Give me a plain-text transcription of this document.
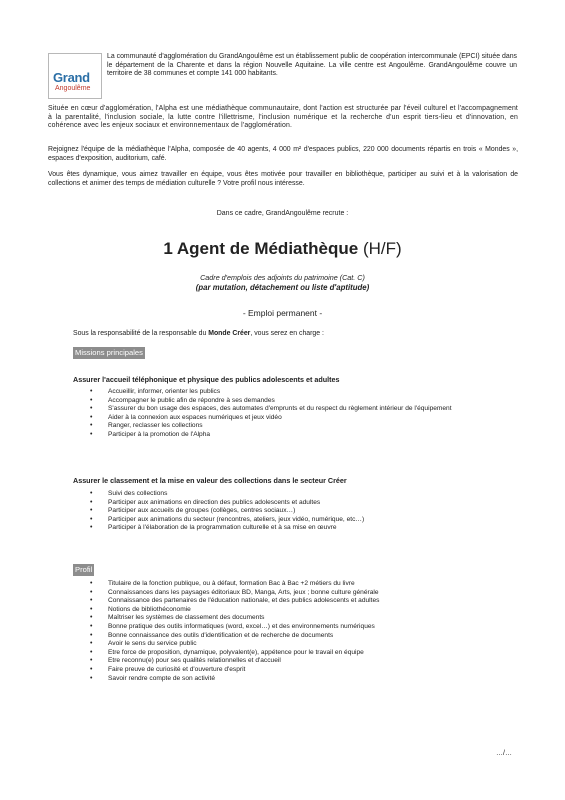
Grand
Angoulême
La communauté d'agglomération du GrandAngoulême est un établissement public de coopération intercommunale (EPCI) située dans le département de la Charente et dans la région Nouvelle Aquitaine. La ville centre est Angoulême. GrandAngoulême couvre un territoire de 38 communes et compte 141 000 habitants.
Située en cœur d'agglomération, l'Alpha est une médiathèque communautaire, dont l'action est structurée par l'éveil culturel et l'accompagnement à la parentalité, l'inclusion sociale, la lutte contre l'illettrisme, l'inclusion numérique et la recherche d'un esprit tiers-lieu et d'innovation, en cohérence avec les enjeux sociaux et environnementaux de l'agglomération.
Rejoignez l'équipe de la médiathèque l'Alpha, composée de 40 agents, 4 000 m² d'espaces publics, 220 000 documents répartis en trois « Mondes », espaces d'exposition, auditorium, café.
Vous êtes dynamique, vous aimez travailler en équipe, vous êtes motivée pour travailler en bibliothèque, participer au suivi et à la valorisation de collections et animer des temps de médiation culturelle ? Votre profil nous intéresse.
Dans ce cadre, GrandAngoulême recrute :
1 Agent de Médiathèque (H/F)
Cadre d'emplois des adjoints du patrimoine (Cat. C)
(par mutation, détachement ou liste d'aptitude)
- Emploi permanent -
Sous la responsabilité de la responsable du Monde Créer, vous serez en charge :
Missions principales
Assurer l'accueil téléphonique et physique des publics adolescents et adultes
• Accueillir, informer, orienter les publics
• Accompagner le public afin de répondre à ses demandes
• S'assurer du bon usage des espaces, des automates d'emprunts et du respect du règlement intérieur de l'équipement
• Aider à la connexion aux espaces numériques et jeux vidéo
• Ranger, reclasser les collections
• Participer à la promotion de l'Alpha
Assurer le classement et la mise en valeur des collections dans le secteur Créer
• Suivi des collections
• Participer aux animations en direction des publics adolescents et adultes
• Participer aux accueils de groupes (collèges, centres sociaux…)
• Participer aux animations du secteur (rencontres, ateliers, jeux vidéo, numérique, etc…)
• Participer à l'élaboration de la programmation culturelle et à sa mise en œuvre
Profil
• Titulaire de la fonction publique, ou à défaut, formation Bac à Bac +2 métiers du livre
• Connaissances dans les paysages éditoriaux BD, Manga, Arts, jeux ; bonne culture générale
• Connaissance des partenaires de l'éducation nationale, et des publics adolescents et adultes
• Notions de bibliothéconomie
• Maîtriser les systèmes de classement des documents
• Bonne pratique des outils informatiques (word, excel…) et des environnements numériques
• Bonne connaissance des outils d'identification et de recherche de documents
• Avoir le sens du service public
• Etre force de proposition, dynamique, polyvalent(e), appétence pour le travail en équipe
• Etre reconnu(e) pour ses qualités relationnelles et d'accueil
• Faire preuve de curiosité et d'ouverture d'esprit
• Savoir rendre compte de son activité
…/…
